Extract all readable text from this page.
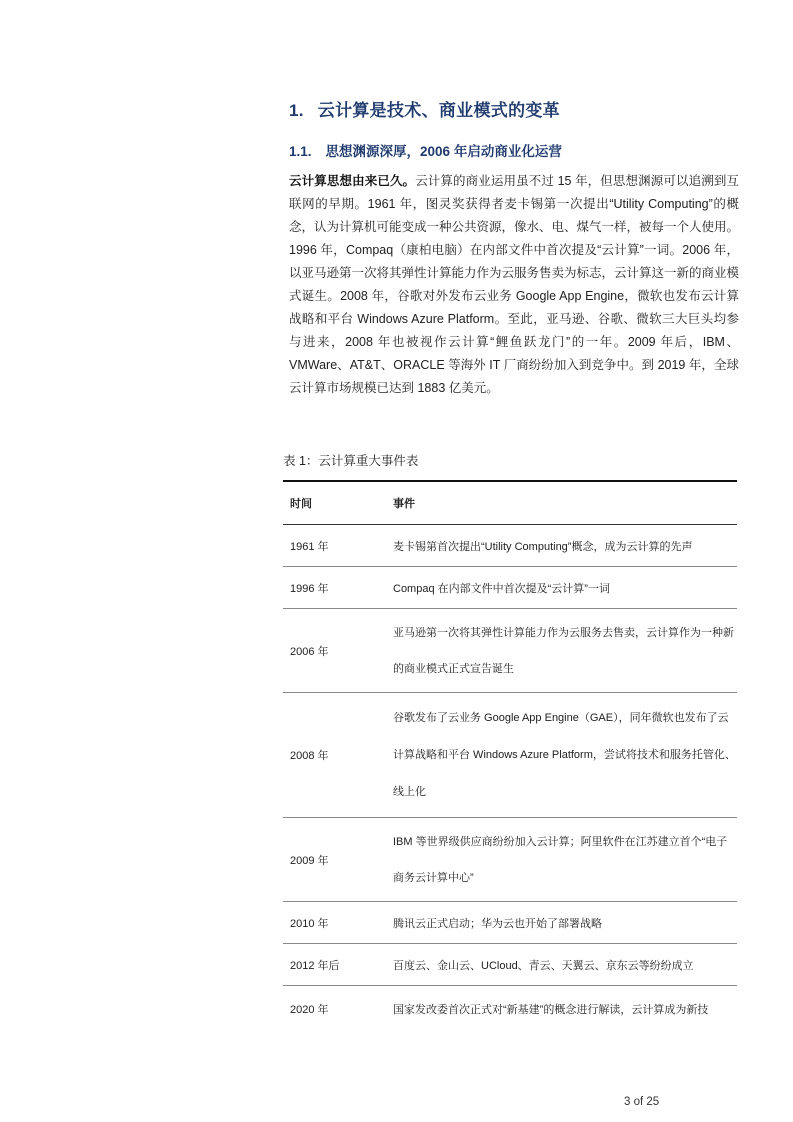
1. 云计算是技术、商业模式的变革
1.1. 思想渊源深厚，2006 年启动商业化运营

云计算思想由来已久。云计算的商业运用虽不过 15 年，但思想渊源可以追溯到互联网的早期。1961 年，图灵奖获得者麦卡锡第一次提出“Utility Computing”的概念，认为计算机可能变成一种公共资源，像水、电、煤气一样，被每一个人使用。1996 年，Compaq（康柏电脑）在内部文件中首次提及“云计算”一词。2006 年，以亚马逊第一次将其弹性计算能力作为云服务售卖为标志，云计算这一新的商业模式诞生。2008 年，谷歌对外发布云业务 Google App Engine，微软也发布云计算战略和平台 Windows Azure Platform。至此，亚马逊、谷歌、微软三大巨头均参与进来，2008 年也被视作云计算“鲤鱼跃龙门”的一年。2009 年后，IBM、VMWare、AT&T、ORACLE 等海外 IT 厂商纷纷加入到竞争中。到 2019 年，全球云计算市场规模已达到 1883 亿美元。

表 1：云计算重大事件表

时间	事件
1961 年	麦卡锡第首次提出“Utility Computing”概念，成为云计算的先声
1996 年	Compaq 在内部文件中首次提及“云计算”一词
2006 年	亚马逊第一次将其弹性计算能力作为云服务去售卖，云计算作为一种新的商业模式正式宣告诞生
2008 年	谷歌发布了云业务 Google App Engine（GAE），同年微软也发布了云计算战略和平台 Windows Azure Platform，尝试将技术和服务托管化、线上化
2009 年	IBM 等世界级供应商纷纷加入云计算；阿里软件在江苏建立首个“电子商务云计算中心”
2010 年	腾讯云正式启动；华为云也开始了部署战略
2012 年后	百度云、金山云、UCloud、青云、天翼云、京东云等纷纷成立
2020 年	国家发改委首次正式对“新基建”的概念进行解读，云计算成为新技
3 of 25
